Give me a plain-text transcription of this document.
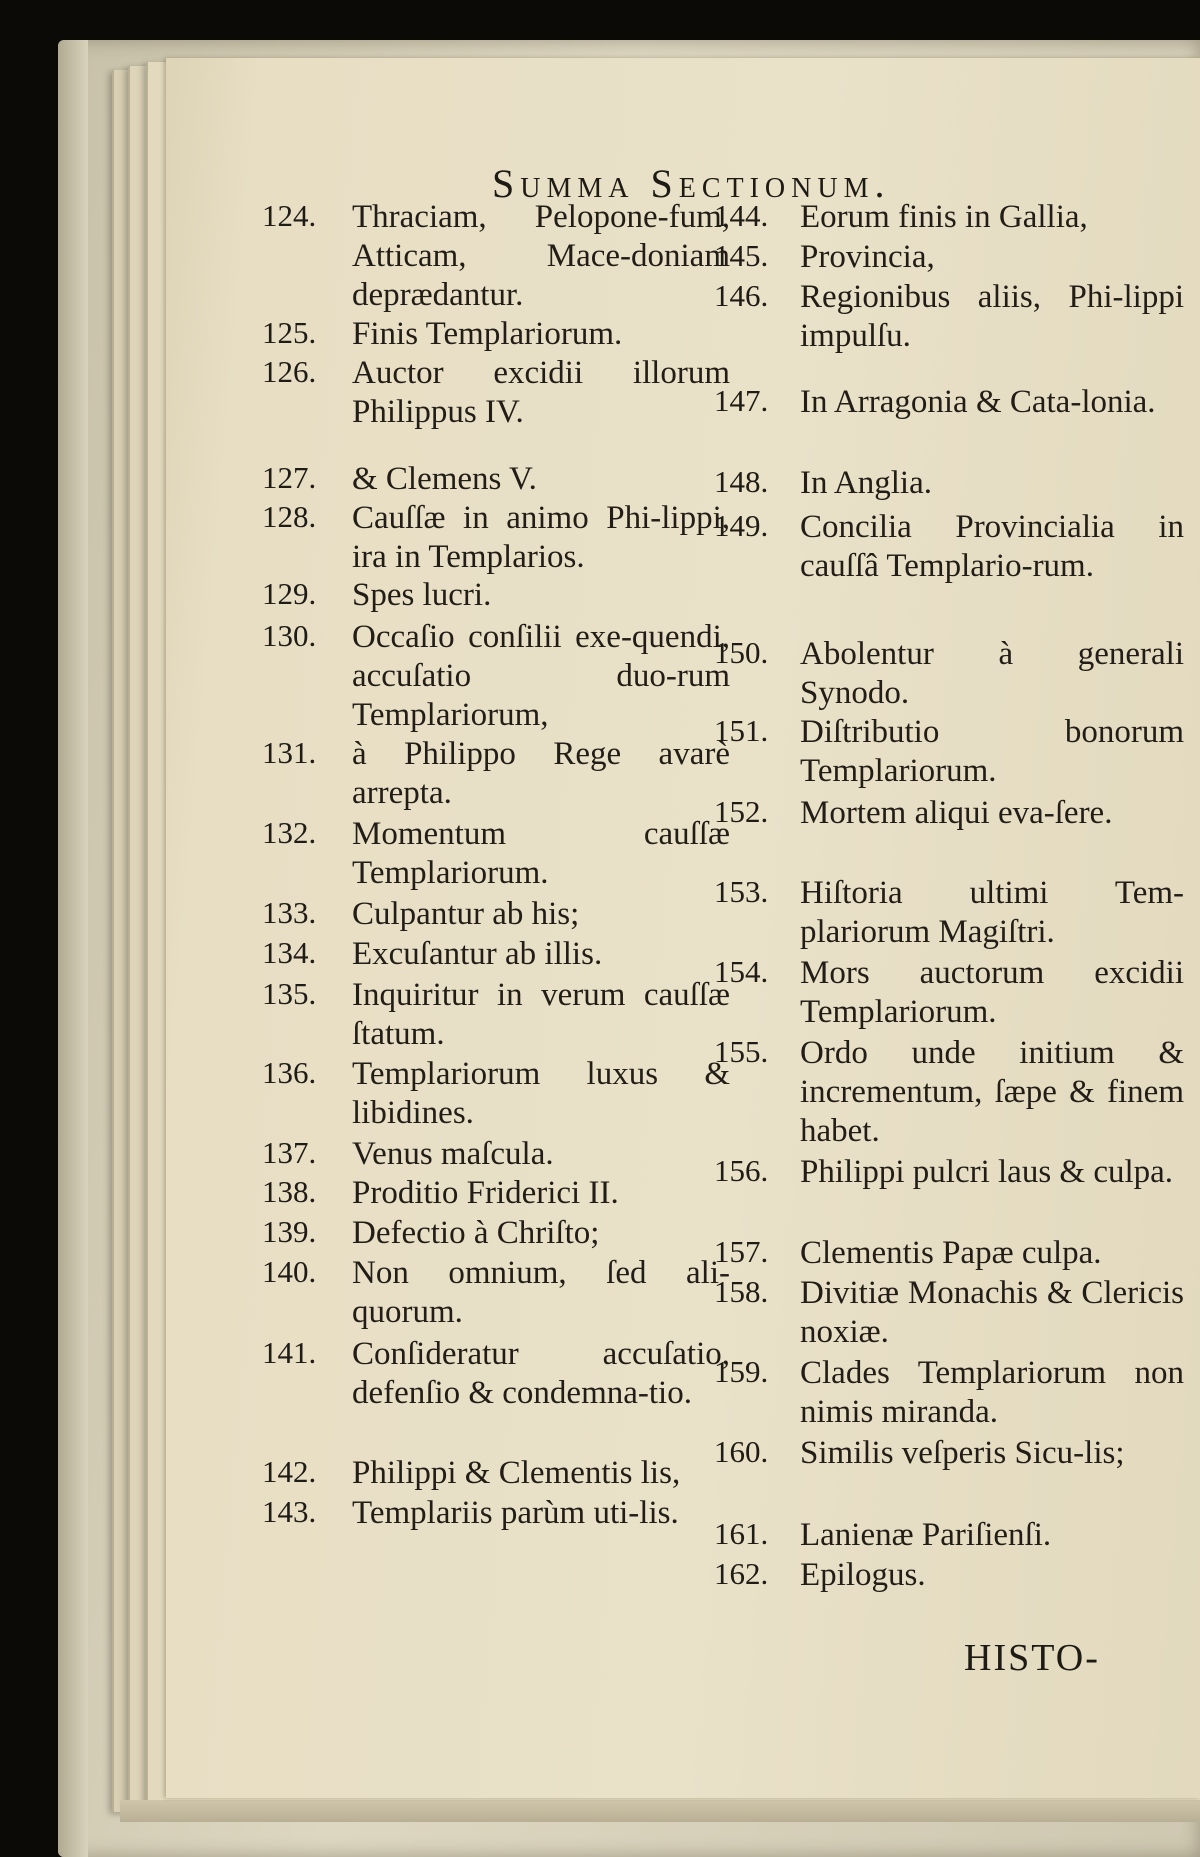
Summa Sectionum.
124.	Thraciam, Pelopone-fum, Atticam, Mace-doniam deprædantur.
125.	Finis Templariorum.
126.	Auctor excidii illorum Philippus IV.
127.	& Clemens V.
128.	Cauſſæ in animo Phi-lippi, ira in Templarios.
129.	Spes lucri.
130.	Occaſio conſilii exe-quendi, accuſatio duo-rum Templariorum,
131.	à Philippo Rege avarè arrepta.
132.	Momentum cauſſæ Templariorum.
133.	Culpantur ab his;
134.	Excuſantur ab illis.
135.	Inquiritur in verum cauſſæ ſtatum.
136.	Templariorum luxus & libidines.
137.	Venus maſcula.
138.	Proditio Friderici II.
139.	Defectio à Chriſto;
140.	Non omnium, ſed ali-quorum.
141.	Conſideratur accuſatio, defenſio & condemna-tio.
142.	Philippi & Clementis lis,
143.	Templariis parùm uti-lis.
144. Eorum finis in Gallia,
145. Provincia,
146. Regionibus aliis, Phi-lippi impulſu.
147. In Arragonia & Cata-lonia.
148. In Anglia.
149. Concilia Provincialia in cauſſâ Templario-rum.
150. Abolentur à generali Synodo.
151. Diſtributio bonorum Templariorum.
152. Mortem aliqui eva-ſere.
153. Hiſtoria ultimi Tem-plariorum Magiſtri.
154. Mors auctorum excidii Templariorum.
155. Ordo unde initium & incrementum, ſæpe & finem habet.
156. Philippi pulcri laus & culpa.
157. Clementis Papæ culpa.
158. Divitiæ Monachis & Clericis noxiæ.
159. Clades Templariorum non nimis miranda.
160. Similis veſperis Sicu-lis;
161. Lanienæ Pariſienſi.
162. Epilogus.
HISTO-
